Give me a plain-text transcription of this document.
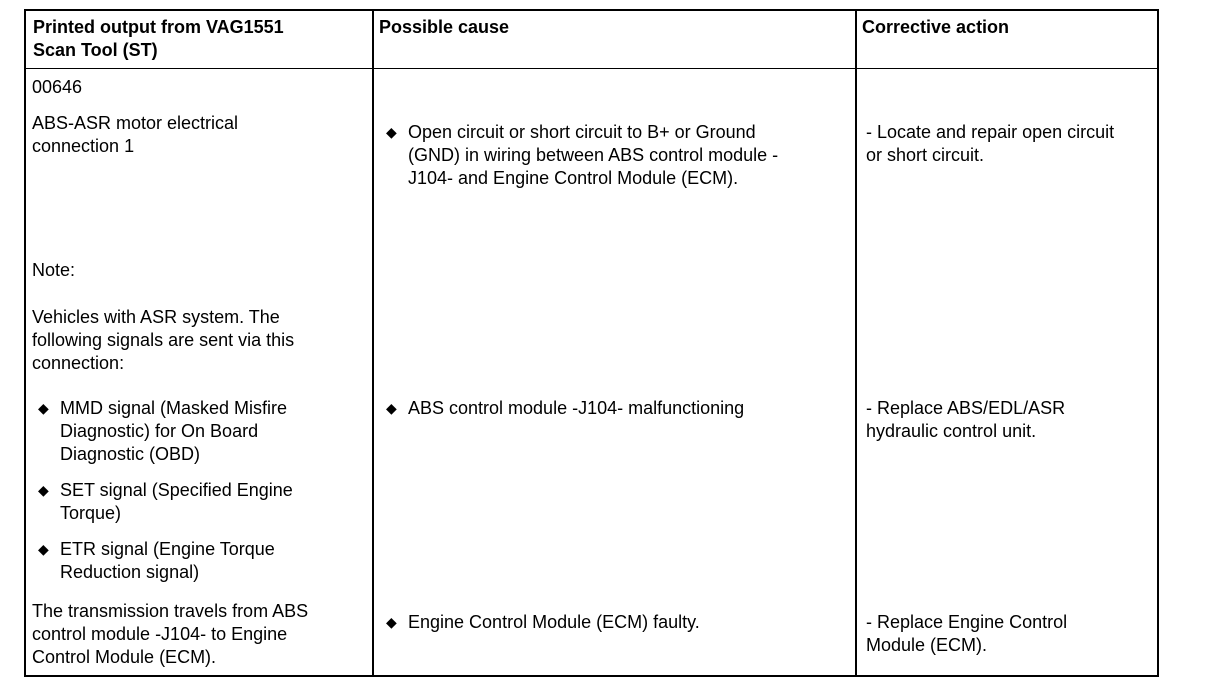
Printed output from VAG1551
Scan Tool (ST)
Possible cause	Corrective action
00646
ABS-ASR motor electrical
connection 1
Note:
Vehicles with ASR system. The
following signals are sent via this
connection:
◆ MMD signal (Masked Misfire
Diagnostic) for On Board
Diagnostic (OBD)
◆ SET signal (Specified Engine
Torque)
◆ ETR signal (Engine Torque
Reduction signal)
The transmission travels from ABS
control module -J104- to Engine
Control Module (ECM).
◆ Open circuit or short circuit to B+ or Ground
(GND) in wiring between ABS control module -
J104- and Engine Control Module (ECM).
◆ ABS control module -J104- malfunctioning
◆ Engine Control Module (ECM) faulty.
- Locate and repair open circuit
or short circuit.
- Replace ABS/EDL/ASR
hydraulic control unit.
- Replace Engine Control
Module (ECM).
